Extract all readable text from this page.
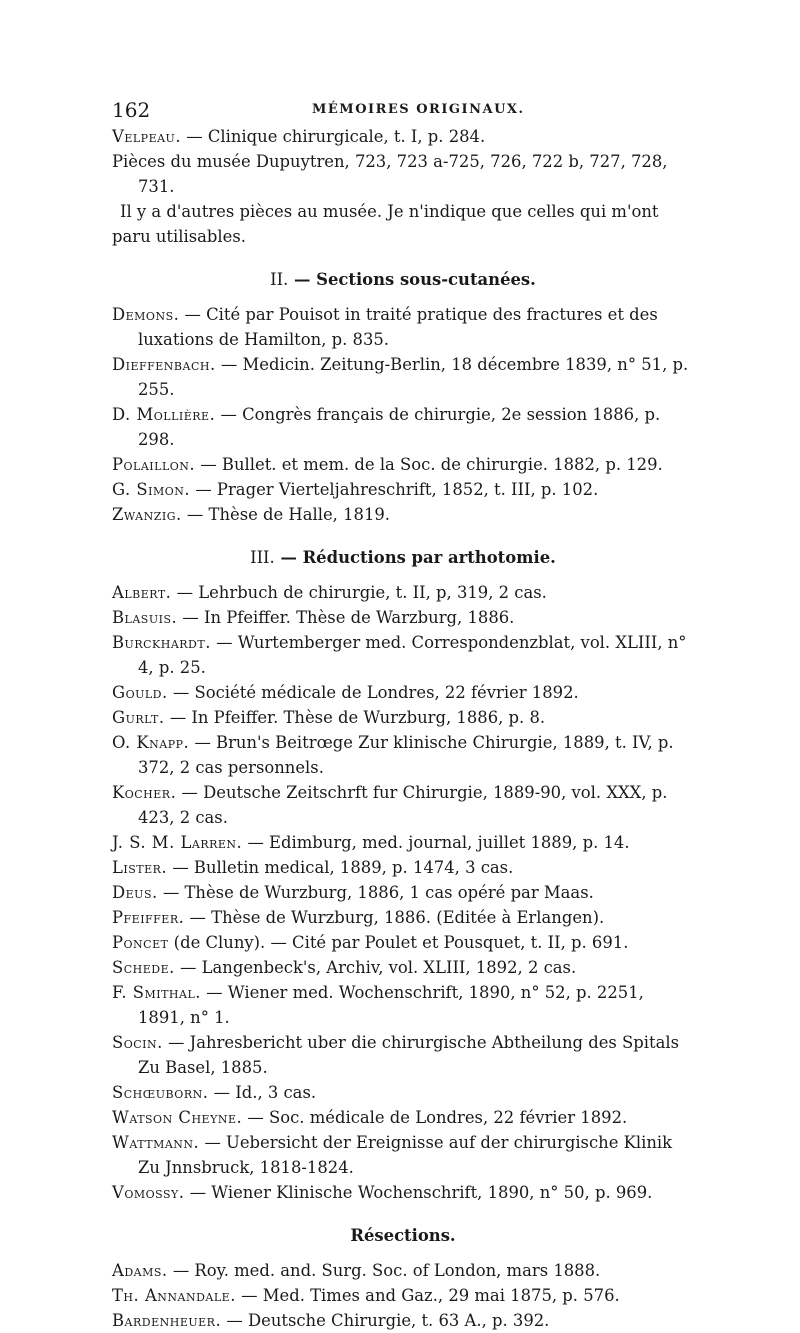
162	MÉMOIRES ORIGINAUX.

Velpeau. — Clinique chirurgicale, t. I, p. 284.

Pièces du musée Dupuytren, 723, 723 a-725, 726, 722 b, 727, 728, 731.

Il y a d'autres pièces au musée. Je n'indique que celles qui m'ont paru utilisables.

II. — Sections sous-cutanées.

Demons. — Cité par Pouisot in traité pratique des fractures et des luxations de Hamilton, p. 835.

Dieffenbach. — Medicin. Zeitung-Berlin, 18 décembre 1839, n° 51, p. 255.

D. Mollière. — Congrès français de chirurgie, 2e session 1886, p. 298.

Polaillon. — Bullet. et mem. de la Soc. de chirurgie. 1882, p. 129.

G. Simon. — Prager Vierteljahreschrift, 1852, t. III, p. 102.

Zwanzig. — Thèse de Halle, 1819.

III. — Réductions par arthotomie.

Albert. — Lehrbuch de chirurgie, t. II, p, 319, 2 cas.

Blasuis. — In Pfeiffer. Thèse de Warzburg, 1886.

Burckhardt. — Wurtemberger med. Correspondenzblat, vol. XLIII, n° 4, p. 25.

Gould. — Société médicale de Londres, 22 février 1892.

Gurlt. — In Pfeiffer. Thèse de Wurzburg, 1886, p. 8.

O. Knapp. — Brun's Beitrœge Zur klinische Chirurgie, 1889, t. IV, p. 372, 2 cas personnels.

Kocher. — Deutsche Zeitschrft fur Chirurgie, 1889-90, vol. XXX, p. 423, 2 cas.

J. S. M. Larren. — Edimburg, med. journal, juillet 1889, p. 14.

Lister. — Bulletin medical, 1889, p. 1474, 3 cas.

Deus. — Thèse de Wurzburg, 1886, 1 cas opéré par Maas.

Pfeiffer. — Thèse de Wurzburg, 1886. (Editée à Erlangen).

Poncet (de Cluny). — Cité par Poulet et Pousquet, t. II, p. 691.

Schede. — Langenbeck's, Archiv, vol. XLIII, 1892, 2 cas.

F. Smithal. — Wiener med. Wochenschrift, 1890, n° 52, p. 2251, 1891, n° 1.

Socin. — Jahresbericht uber die chirurgische Abtheilung des Spitals Zu Basel, 1885.

Schœuborn. — Id., 3 cas.

Watson Cheyne. — Soc. médicale de Londres, 22 février 1892.

Wattmann. — Uebersicht der Ereignisse auf der chirurgische Klinik Zu Jnnsbruck, 1818-1824.

Vomossy. — Wiener Klinische Wochenschrift, 1890, n° 50, p. 969.

Résections.

Adams. — Roy. med. and. Surg. Soc. of London, mars 1888.

Th. Annandale. — Med. Times and Gaz., 29 mai 1875, p. 576.

Bardenheuer. — Deutsche Chirurgie, t. 63 A., p. 392.
